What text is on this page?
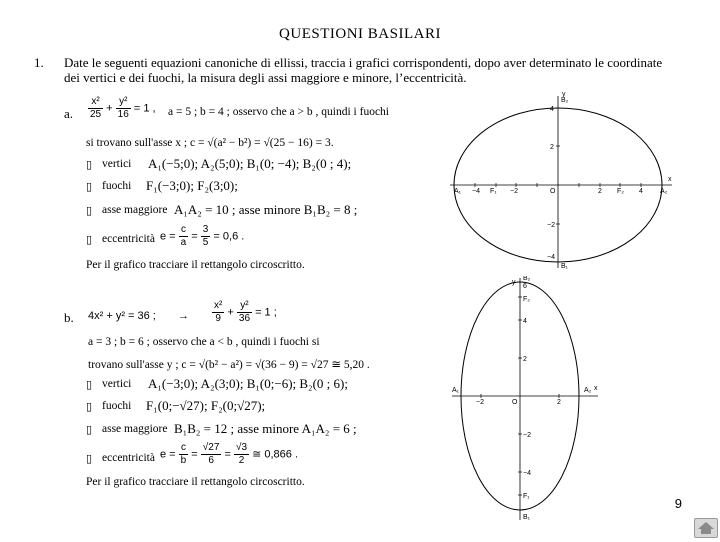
QUESTIONI BASILARI
1. Date le seguenti equazioni canoniche di ellissi, traccia i grafici corrispondenti, dopo aver determinato le coordinate dei vertici e dei fuochi, la misura degli assi maggiore e minore, l’eccentricità.
a. $\frac{\text{x²}}{25} + \frac{\text{y²}}{16} = 1$ , a = 5 ; b = 4 ; osservo che a > b , quindi i fuochi
si trovano sull'asse x ; c = √(a² − b²) = √(25 − 16) = 3.
▯ vertici A₁(−5;0); A₂(5;0); B₁(0; −4); B₂(0 ; 4);
▯ fuochi F₁(−3;0); F₂(3;0);
▯ asse maggiore A₁A₂ = 10 ; asse minore B₁B₂ = 8 ;
▯ eccentricità $e = \frac{c}{a} = \frac{3}{5} = 0,6$ .
Per il grafico tracciare il rettangolo circoscritto.
b. 4x² + y² = 36 ; → $\frac{\text{x²}}{9} + \frac{\text{y²}}{36} = 1$ ;
a = 3 ; b = 6 ; osservo che a < b , quindi i fuochi si
trovano sull'asse y ; c = √(b² − a²) = √(36 − 9) = √27 ≅ 5,20 .
▯ vertici A₁(−3;0); A₂(3;0); B₁(0;−6); B₂(0 ; 6);
▯ fuochi F₁(0;−√27); F₂(0;√27);
▯ asse maggiore B₁B₂ = 12 ; asse minore A₁A₂ = 6 ;
▯ eccentricità $e = \frac{c}{b} = \frac{√27}{6} = \frac{√3}{2}$ ≅ 0,866 .
Per il grafico tracciare il rettangolo circoscritto.
A₁ −4 F₁ −2	O	2 F₂ 4 A₂
B₂
4
2
−2
−4
B₁
x
y
A₁
−2	O	2
A₂
B₂
6
F₂
4
2
−2
−4
F₁
B₁
x
y
9
